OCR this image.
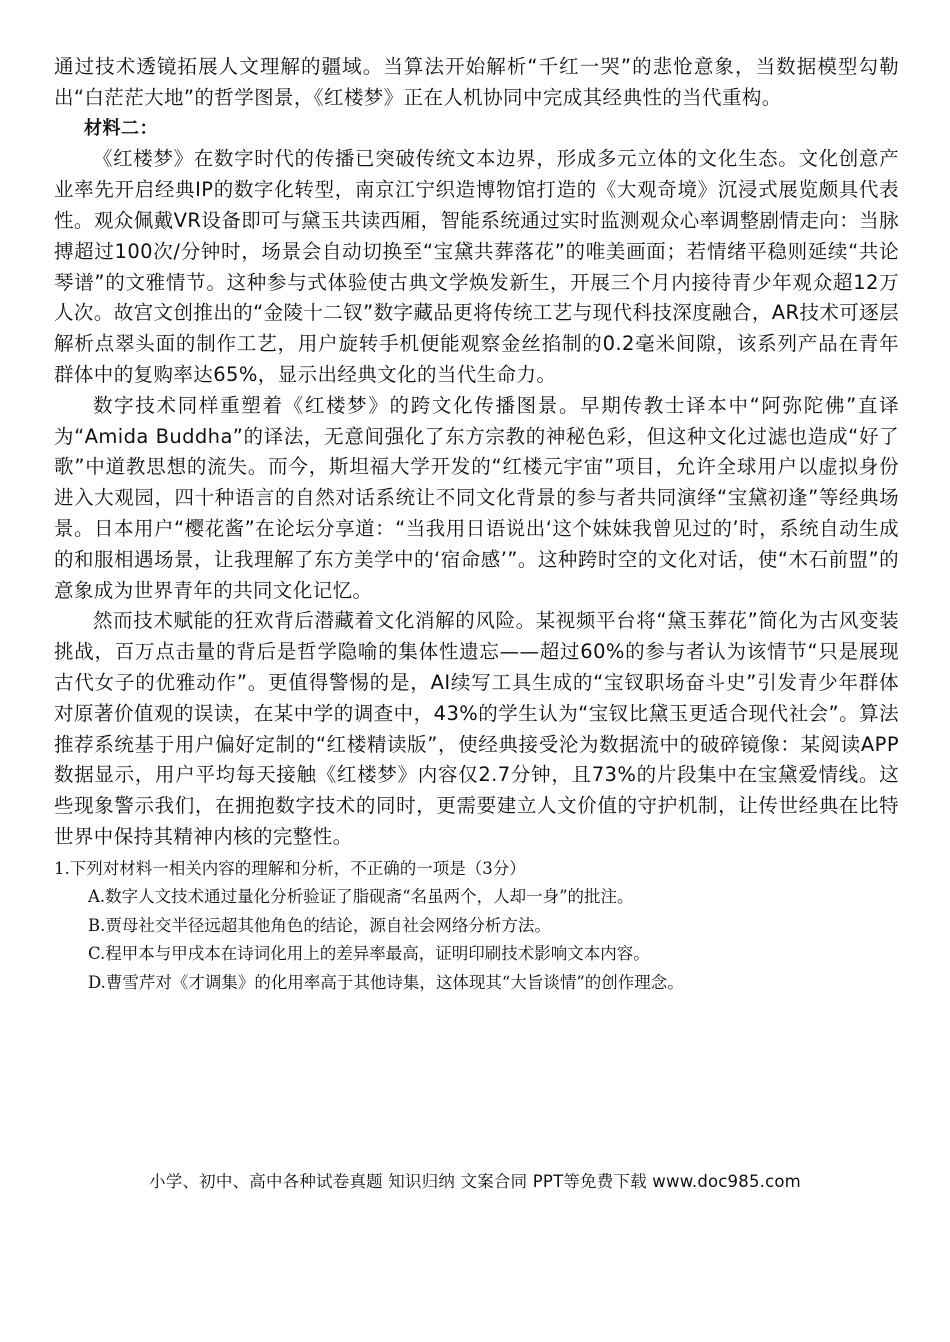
通过技术透镜拓展人文理解的疆域。当算法开始解析“千红一哭”的悲怆意象，当数据模型勾勒出“白茫茫大地”的哲学图景，《红楼梦》正在人机协同中完成其经典性的当代重构。

材料二：

《红楼梦》在数字时代的传播已突破传统文本边界，形成多元立体的文化生态。文化创意产业率先开启经典IP的数字化转型，南京江宁织造博物馆打造的《大观奇境》沉浸式展览颇具代表性。观众佩戴VR设备即可与黛玉共读西厢，智能系统通过实时监测观众心率调整剧情走向：当脉搏超过100次/分钟时，场景会自动切换至“宝黛共葬落花”的唯美画面；若情绪平稳则延续“共论琴谱”的文雅情节。这种参与式体验使古典文学焕发新生，开展三个月内接待青少年观众超12万人次。故宫文创推出的“金陵十二钗”数字藏品更将传统工艺与现代科技深度融合，AR技术可逐层解析点翠头面的制作工艺，用户旋转手机便能观察金丝掐制的0.2毫米间隙，该系列产品在青年群体中的复购率达65%，显示出经典文化的当代生命力。

数字技术同样重塑着《红楼梦》的跨文化传播图景。早期传教士译本中“阿弥陀佛”直译为“Amida Buddha”的译法，无意间强化了东方宗教的神秘色彩，但这种文化过滤也造成“好了歌”中道教思想的流失。而今，斯坦福大学开发的“红楼元宇宙”项目，允许全球用户以虚拟身份进入大观园，四十种语言的自然对话系统让不同文化背景的参与者共同演绎“宝黛初逢”等经典场景。日本用户“樱花酱”在论坛分享道：“当我用日语说出‘这个妹妹我曾见过的’时，系统自动生成的和服相遇场景，让我理解了东方美学中的‘宿命感’”。这种跨时空的文化对话，使“木石前盟”的意象成为世界青年的共同文化记忆。

然而技术赋能的狂欢背后潜藏着文化消解的风险。某视频平台将“黛玉葬花”简化为古风变装挑战，百万点击量的背后是哲学隐喻的集体性遗忘——超过60%的参与者认为该情节“只是展现古代女子的优雅动作”。更值得警惕的是，AI续写工具生成的“宝钗职场奋斗史”引发青少年群体对原著价值观的误读，在某中学的调查中，43%的学生认为“宝钗比黛玉更适合现代社会”。算法推荐系统基于用户偏好定制的“红楼精读版”，使经典接受沦为数据流中的破碎镜像：某阅读APP数据显示，用户平均每天接触《红楼梦》内容仅2.7分钟，且73%的片段集中在宝黛爱情线。这些现象警示我们，在拥抱数字技术的同时，更需要建立人文价值的守护机制，让传世经典在比特世界中保持其精神内核的完整性。

1.下列对材料一相关内容的理解和分析，不正确的一项是（3分）

A.数字人文技术通过量化分析验证了脂砚斋“名虽两个，人却一身”的批注。
B.贾母社交半径远超其他角色的结论，源自社会网络分析方法。
C.程甲本与甲戌本在诗词化用上的差异率最高，证明印刷技术影响文本内容。
D.曹雪芹对《才调集》的化用率高于其他诗集，这体现其“大旨谈情”的创作理念。
小学、初中、高中各种试卷真题 知识归纳 文案合同 PPT等免费下载 www.doc985.com
